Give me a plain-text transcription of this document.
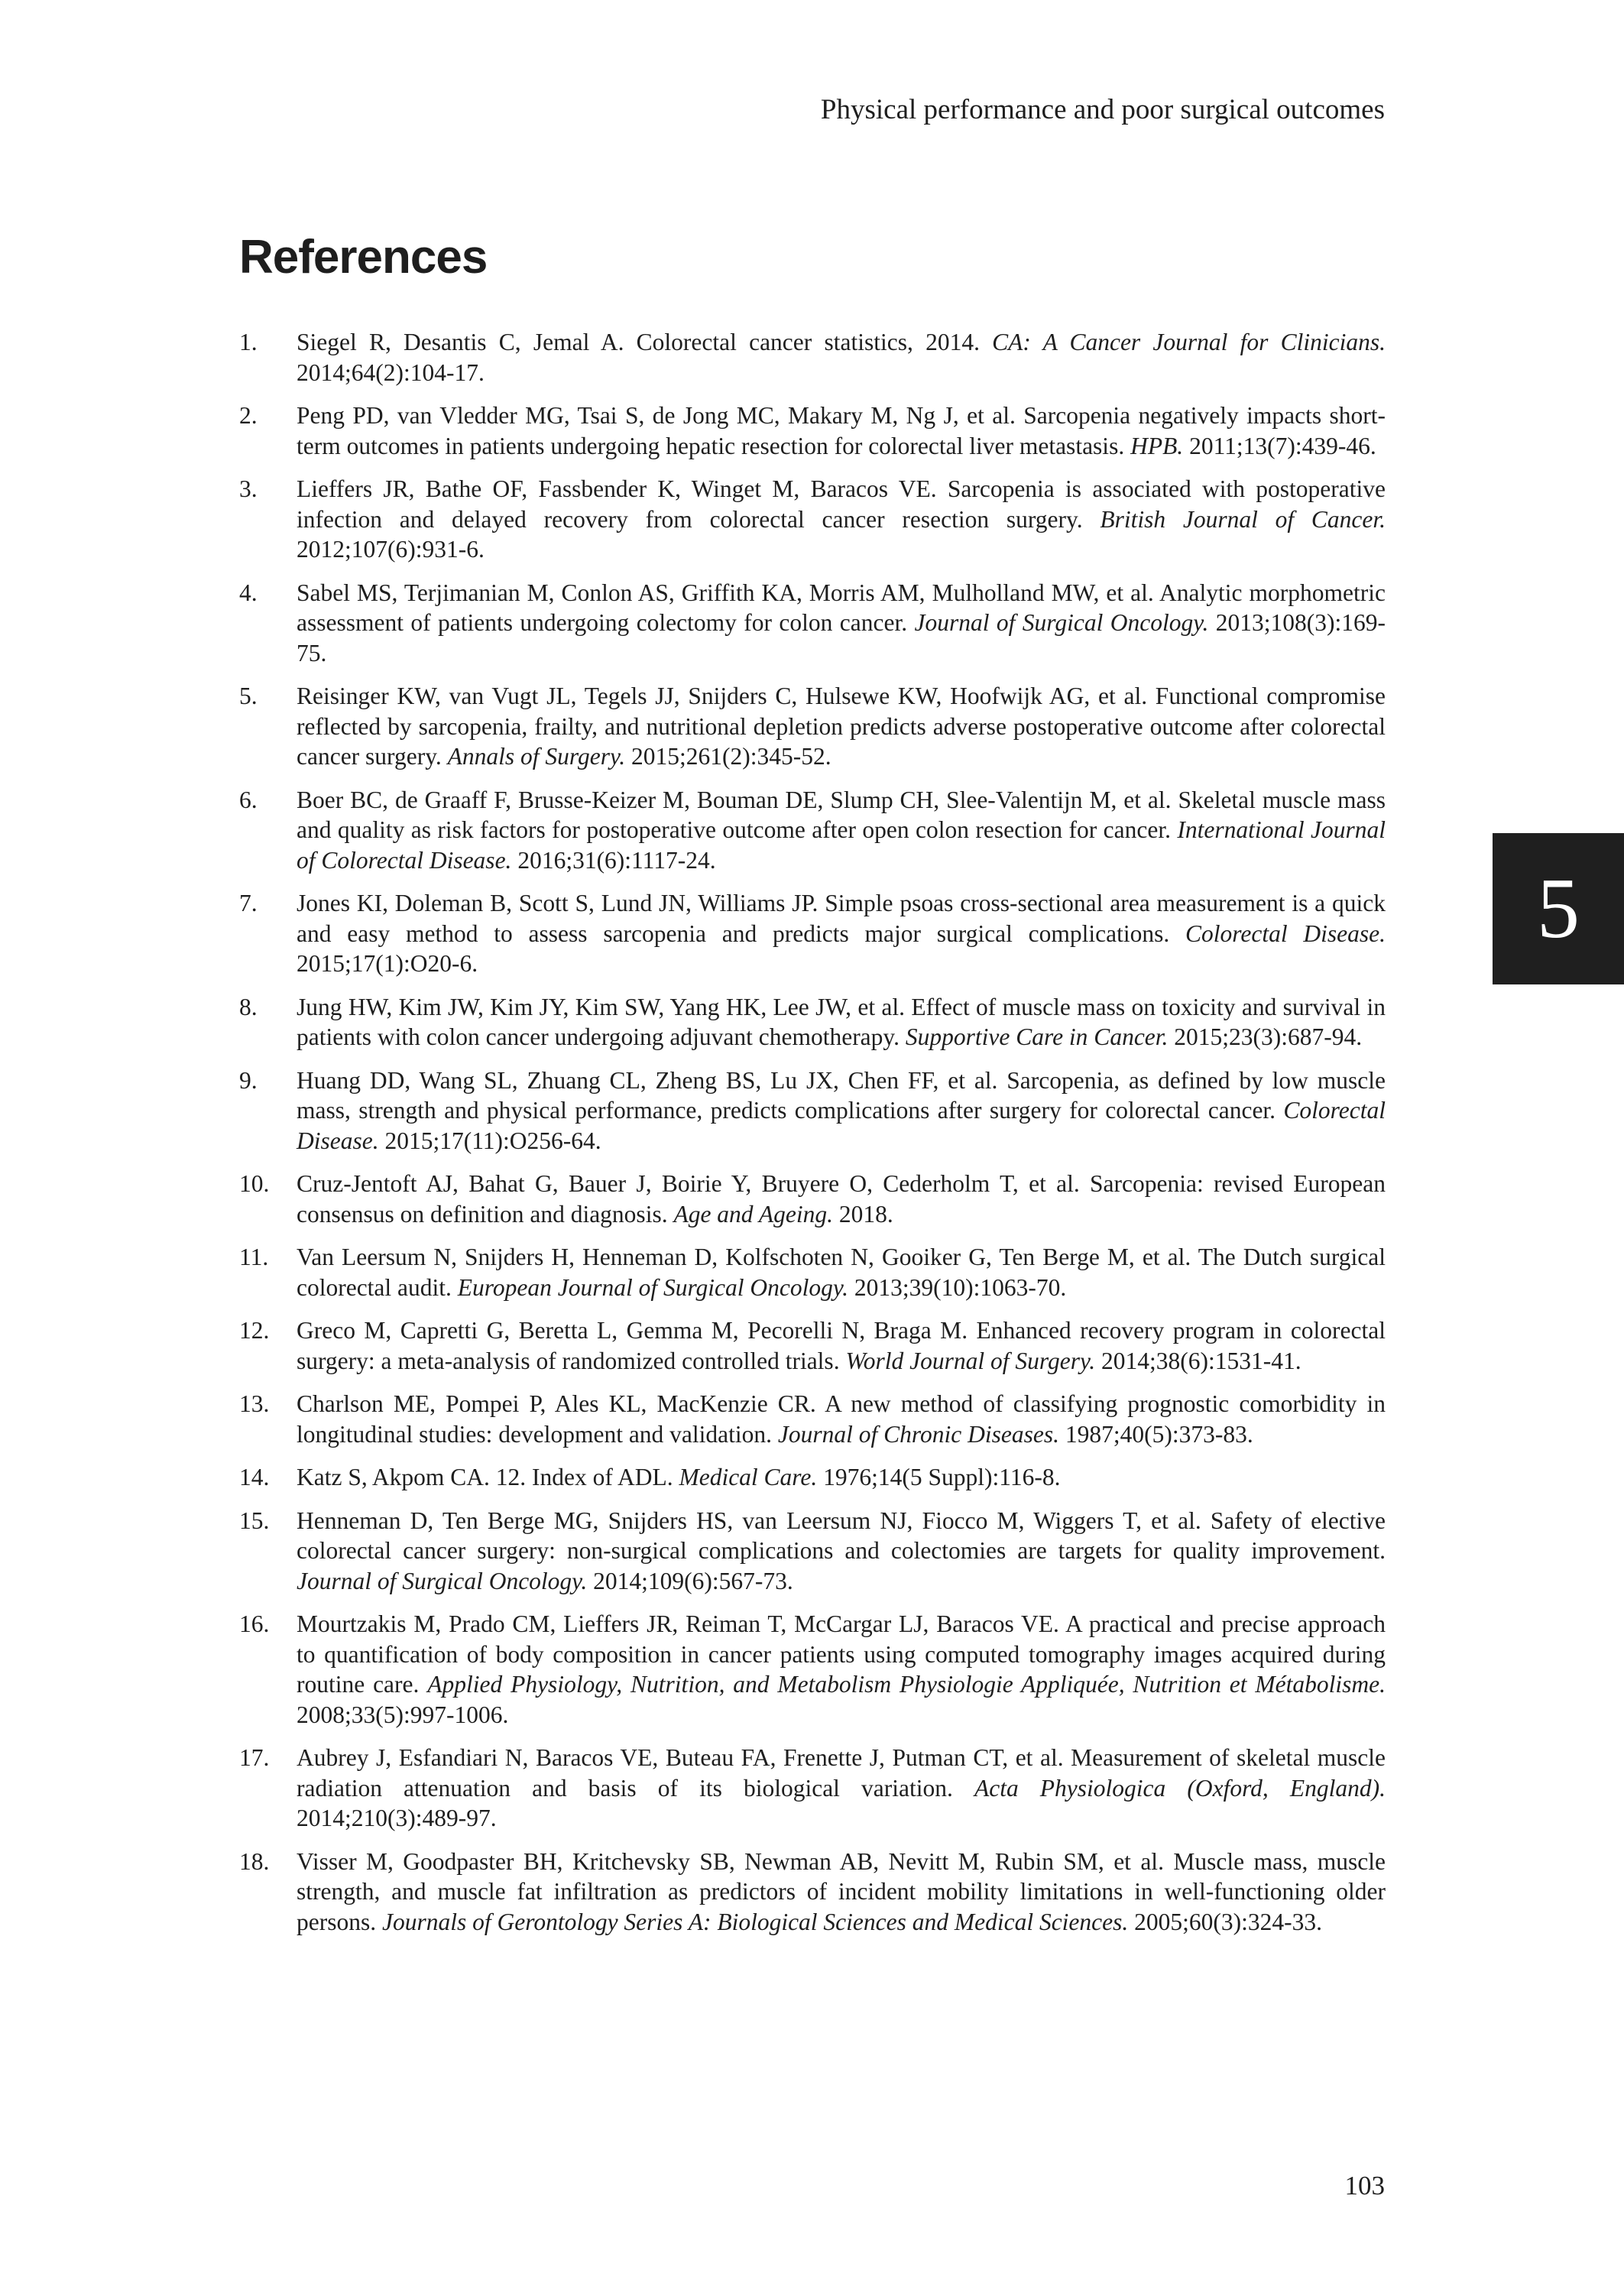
Physical performance and poor surgical outcomes
References
1. Siegel R, Desantis C, Jemal A. Colorectal cancer statistics, 2014. CA: A Cancer Journal for Clinicians. 2014;64(2):104-17.
2. Peng PD, van Vledder MG, Tsai S, de Jong MC, Makary M, Ng J, et al. Sarcopenia negatively impacts short-term outcomes in patients undergoing hepatic resection for colorectal liver metastasis. HPB. 2011;13(7):439-46.
3. Lieffers JR, Bathe OF, Fassbender K, Winget M, Baracos VE. Sarcopenia is associated with postoperative infection and delayed recovery from colorectal cancer resection surgery. British Journal of Cancer. 2012;107(6):931-6.
4. Sabel MS, Terjimanian M, Conlon AS, Griffith KA, Morris AM, Mulholland MW, et al. Analytic morphometric assessment of patients undergoing colectomy for colon cancer. Journal of Surgical Oncology. 2013;108(3):169-75.
5. Reisinger KW, van Vugt JL, Tegels JJ, Snijders C, Hulsewe KW, Hoofwijk AG, et al. Functional compromise reflected by sarcopenia, frailty, and nutritional depletion predicts adverse postoperative outcome after colorectal cancer surgery. Annals of Surgery. 2015;261(2):345-52.
6. Boer BC, de Graaff F, Brusse-Keizer M, Bouman DE, Slump CH, Slee-Valentijn M, et al. Skeletal muscle mass and quality as risk factors for postoperative outcome after open colon resection for cancer. International Journal of Colorectal Disease. 2016;31(6):1117-24.
7. Jones KI, Doleman B, Scott S, Lund JN, Williams JP. Simple psoas cross-sectional area measurement is a quick and easy method to assess sarcopenia and predicts major surgical complications. Colorectal Disease. 2015;17(1):O20-6.
8. Jung HW, Kim JW, Kim JY, Kim SW, Yang HK, Lee JW, et al. Effect of muscle mass on toxicity and survival in patients with colon cancer undergoing adjuvant chemotherapy. Supportive Care in Cancer. 2015;23(3):687-94.
9. Huang DD, Wang SL, Zhuang CL, Zheng BS, Lu JX, Chen FF, et al. Sarcopenia, as defined by low muscle mass, strength and physical performance, predicts complications after surgery for colorectal cancer. Colorectal Disease. 2015;17(11):O256-64.
10. Cruz-Jentoft AJ, Bahat G, Bauer J, Boirie Y, Bruyere O, Cederholm T, et al. Sarcopenia: revised European consensus on definition and diagnosis. Age and Ageing. 2018.
11. Van Leersum N, Snijders H, Henneman D, Kolfschoten N, Gooiker G, Ten Berge M, et al. The Dutch surgical colorectal audit. European Journal of Surgical Oncology. 2013;39(10):1063-70.
12. Greco M, Capretti G, Beretta L, Gemma M, Pecorelli N, Braga M. Enhanced recovery program in colorectal surgery: a meta-analysis of randomized controlled trials. World Journal of Surgery. 2014;38(6):1531-41.
13. Charlson ME, Pompei P, Ales KL, MacKenzie CR. A new method of classifying prognostic comorbidity in longitudinal studies: development and validation. Journal of Chronic Diseases. 1987;40(5):373-83.
14. Katz S, Akpom CA. 12. Index of ADL. Medical Care. 1976;14(5 Suppl):116-8.
15. Henneman D, Ten Berge MG, Snijders HS, van Leersum NJ, Fiocco M, Wiggers T, et al. Safety of elective colorectal cancer surgery: non-surgical complications and colectomies are targets for quality improvement. Journal of Surgical Oncology. 2014;109(6):567-73.
16. Mourtzakis M, Prado CM, Lieffers JR, Reiman T, McCargar LJ, Baracos VE. A practical and precise approach to quantification of body composition in cancer patients using computed tomography images acquired during routine care. Applied Physiology, Nutrition, and Metabolism Physiologie Appliquée, Nutrition et Métabolisme. 2008;33(5):997-1006.
17. Aubrey J, Esfandiari N, Baracos VE, Buteau FA, Frenette J, Putman CT, et al. Measurement of skeletal muscle radiation attenuation and basis of its biological variation. Acta Physiologica (Oxford, England). 2014;210(3):489-97.
18. Visser M, Goodpaster BH, Kritchevsky SB, Newman AB, Nevitt M, Rubin SM, et al. Muscle mass, muscle strength, and muscle fat infiltration as predictors of incident mobility limitations in well-functioning older persons. Journals of Gerontology Series A: Biological Sciences and Medical Sciences. 2005;60(3):324-33.
5
103
